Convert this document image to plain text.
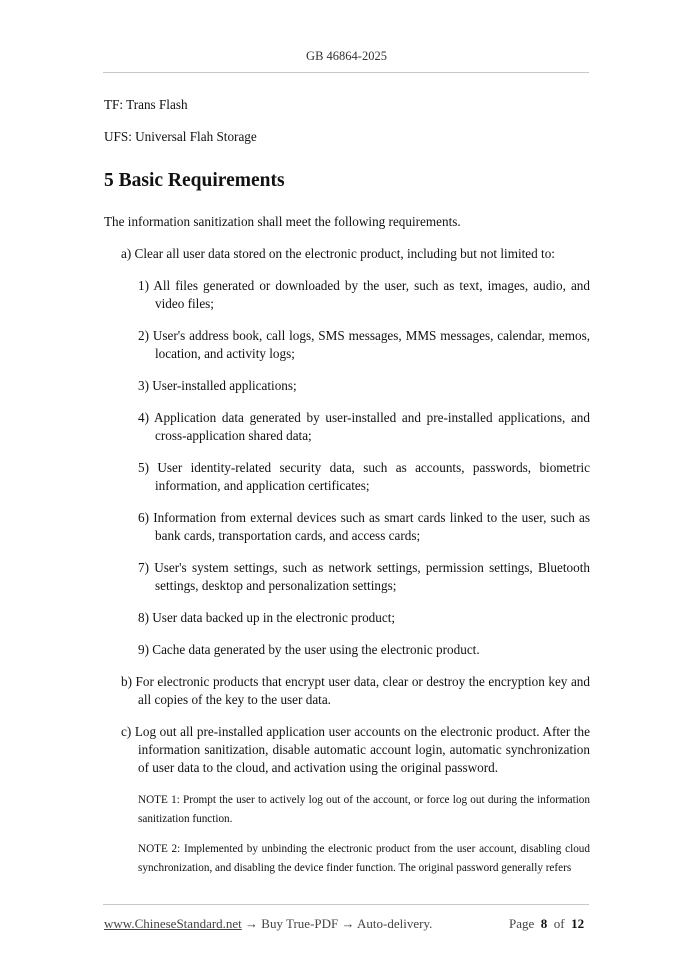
GB 46864-2025

TF: Trans Flash

UFS: Universal Flah Storage

5 Basic Requirements

The information sanitization shall meet the following requirements.

a) Clear all user data stored on the electronic product, including but not limited to:

1) All files generated or downloaded by the user, such as text, images, audio, and video files;

2) User's address book, call logs, SMS messages, MMS messages, calendar, memos, location, and activity logs;

3) User-installed applications;

4) Application data generated by user-installed and pre-installed applications, and cross-application shared data;

5) User identity-related security data, such as accounts, passwords, biometric information, and application certificates;

6) Information from external devices such as smart cards linked to the user, such as bank cards, transportation cards, and access cards;

7) User's system settings, such as network settings, permission settings, Bluetooth settings, desktop and personalization settings;

8) User data backed up in the electronic product;

9) Cache data generated by the user using the electronic product.

b) For electronic products that encrypt user data, clear or destroy the encryption key and all copies of the key to the user data.

c) Log out all pre-installed application user accounts on the electronic product. After the information sanitization, disable automatic account login, automatic synchronization of user data to the cloud, and activation using the original password.

NOTE 1: Prompt the user to actively log out of the account, or force log out during the information sanitization function.

NOTE 2: Implemented by unbinding the electronic product from the user account, disabling cloud synchronization, and disabling the device finder function. The original password generally refers

www.ChineseStandard.net → Buy True-PDF → Auto-delivery.	Page 8 of 12
